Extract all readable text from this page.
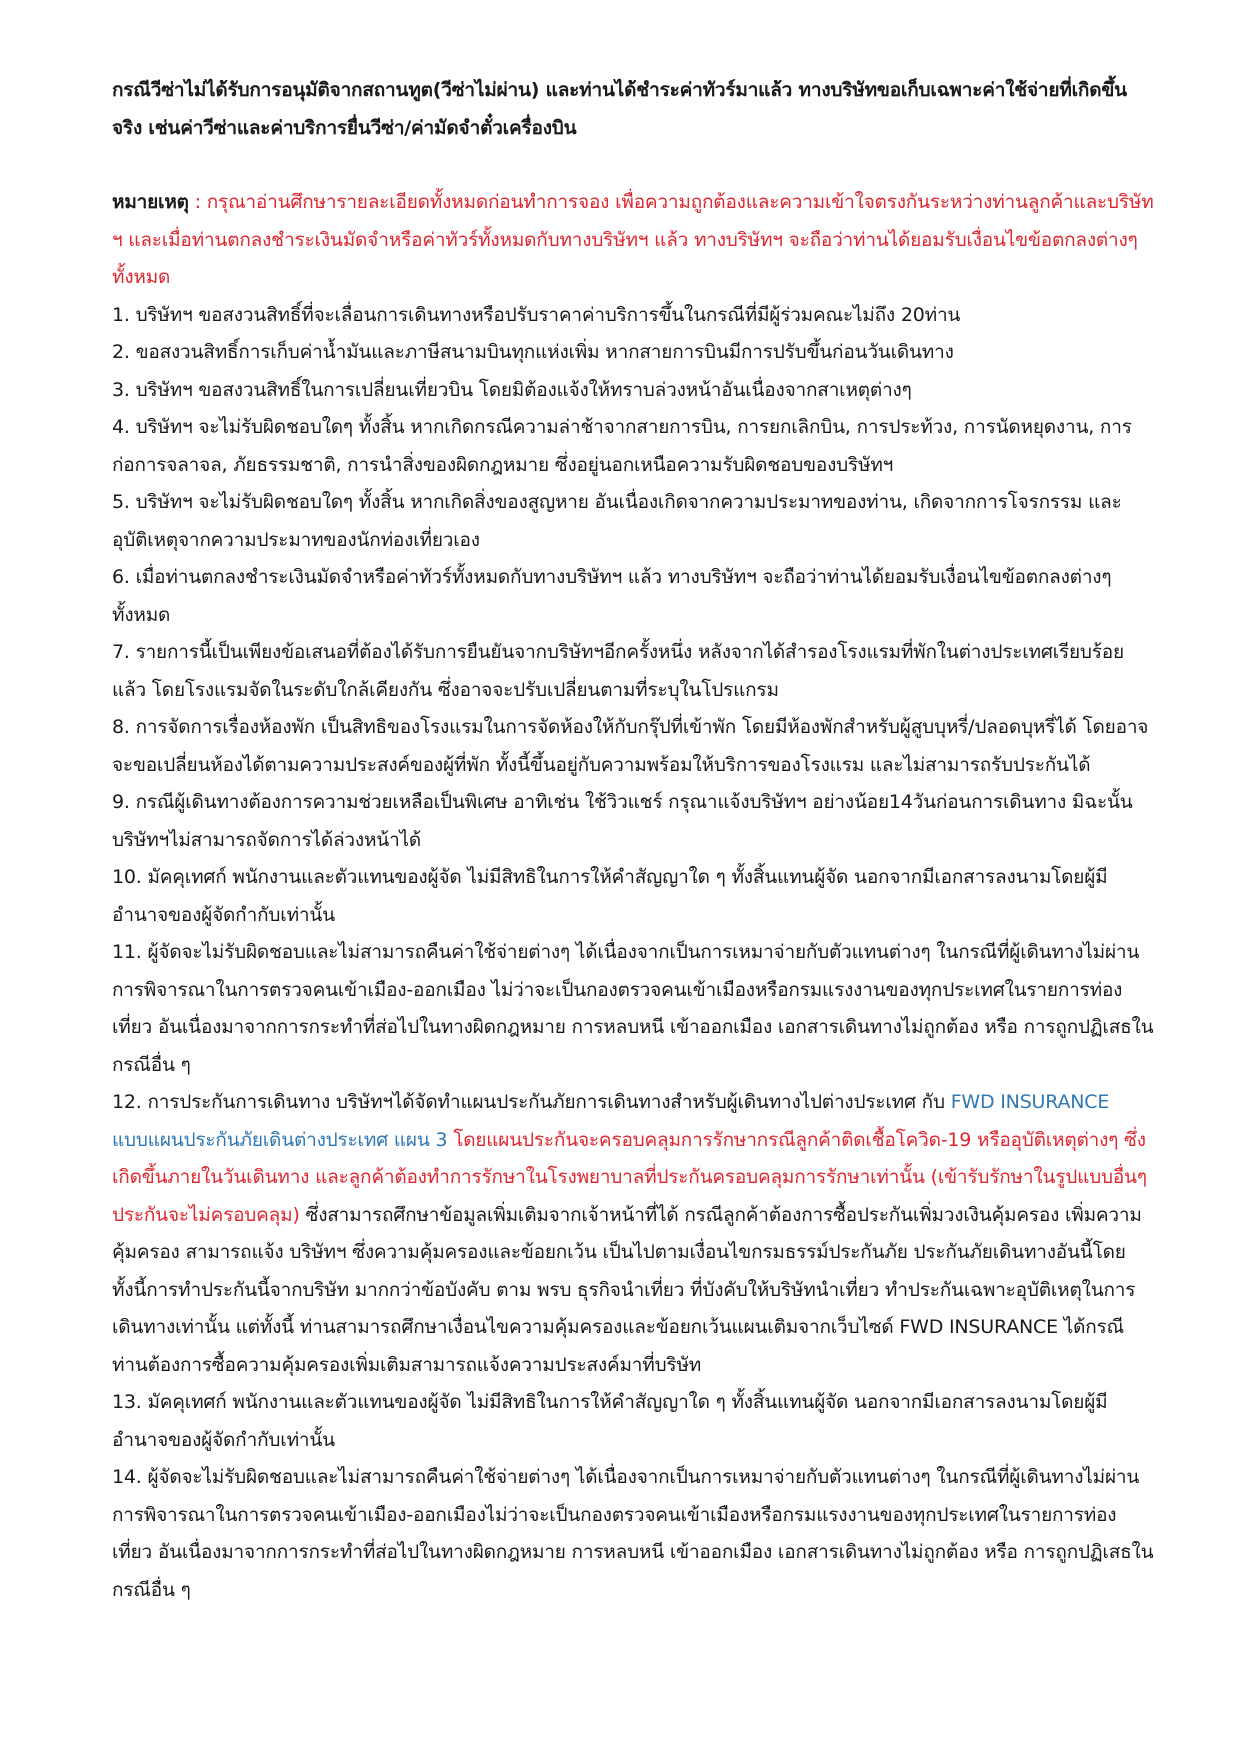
กรณีวีซ่าไม่ได้รับการอนุมัติจากสถานทูต(วีซ่าไม่ผ่าน) และท่านได้ชำระค่าทัวร์มาแล้ว ทางบริษัทขอเก็บเฉพาะค่าใช้จ่ายที่เกิดขึ้นจริง เช่นค่าวีซ่าและค่าบริการยื่นวีซ่า/ค่ามัดจำตั๋วเครื่องบิน

หมายเหตุ : กรุณาอ่านศึกษารายละเอียดทั้งหมดก่อนทำการจอง เพื่อความถูกต้องและความเข้าใจตรงกันระหว่างท่านลูกค้าและบริษัท ฯ และเมื่อท่านตกลงชำระเงินมัดจำหรือค่าทัวร์ทั้งหมดกับทางบริษัทฯ แล้ว ทางบริษัทฯ จะถือว่าท่านได้ยอมรับเงื่อนไขข้อตกลงต่างๆ ทั้งหมด

1. บริษัทฯ ขอสงวนสิทธิ์ที่จะเลื่อนการเดินทางหรือปรับราคาค่าบริการขึ้นในกรณีที่มีผู้ร่วมคณะไม่ถึง 20ท่าน

2. ขอสงวนสิทธิ์การเก็บค่าน้ำมันและภาษีสนามบินทุกแห่งเพิ่ม หากสายการบินมีการปรับขึ้นก่อนวันเดินทาง

3. บริษัทฯ ขอสงวนสิทธิ์ในการเปลี่ยนเที่ยวบิน โดยมิต้องแจ้งให้ทราบล่วงหน้าอันเนื่องจากสาเหตุต่างๆ

4. บริษัทฯ จะไม่รับผิดชอบใดๆ ทั้งสิ้น หากเกิดกรณีความล่าช้าจากสายการบิน, การยกเลิกบิน, การประท้วง, การนัดหยุดงาน, การก่อการจลาจล, ภัยธรรมชาติ, การนำสิ่งของผิดกฎหมาย ซึ่งอยู่นอกเหนือความรับผิดชอบของบริษัทฯ

5. บริษัทฯ จะไม่รับผิดชอบใดๆ ทั้งสิ้น หากเกิดสิ่งของสูญหาย อันเนื่องเกิดจากความประมาทของท่าน, เกิดจากการโจรกรรม และ อุบัติเหตุจากความประมาทของนักท่องเที่ยวเอง

6. เมื่อท่านตกลงชำระเงินมัดจำหรือค่าทัวร์ทั้งหมดกับทางบริษัทฯ แล้ว ทางบริษัทฯ จะถือว่าท่านได้ยอมรับเงื่อนไขข้อตกลงต่างๆ ทั้งหมด

7. รายการนี้เป็นเพียงข้อเสนอที่ต้องได้รับการยืนยันจากบริษัทฯอีกครั้งหนึ่ง หลังจากได้สำรองโรงแรมที่พักในต่างประเทศเรียบร้อยแล้ว โดยโรงแรมจัดในระดับใกล้เคียงกัน ซึ่งอาจจะปรับเปลี่ยนตามที่ระบุในโปรแกรม

8. การจัดการเรื่องห้องพัก เป็นสิทธิของโรงแรมในการจัดห้องให้กับกรุ๊ปที่เข้าพัก โดยมีห้องพักสำหรับผู้สูบบุหรี่/ปลอดบุหรี่ได้ โดยอาจจะขอเปลี่ยนห้องได้ตามความประสงค์ของผู้ที่พัก ทั้งนี้ขึ้นอยู่กับความพร้อมให้บริการของโรงแรม และไม่สามารถรับประกันได้

9. กรณีผู้เดินทางต้องการความช่วยเหลือเป็นพิเศษ อาทิเช่น ใช้วิวแชร์ กรุณาแจ้งบริษัทฯ อย่างน้อย14วันก่อนการเดินทาง มิฉะนั้น บริษัทฯไม่สามารถจัดการได้ล่วงหน้าได้

10. มัคคุเทศก์ พนักงานและตัวแทนของผู้จัด ไม่มีสิทธิในการให้คำสัญญาใด ๆ ทั้งสิ้นแทนผู้จัด นอกจากมีเอกสารลงนามโดยผู้มีอำนาจของผู้จัดกำกับเท่านั้น

11. ผู้จัดจะไม่รับผิดชอบและไม่สามารถคืนค่าใช้จ่ายต่างๆ ได้เนื่องจากเป็นการเหมาจ่ายกับตัวแทนต่างๆ ในกรณีที่ผู้เดินทางไม่ผ่านการพิจารณาในการตรวจคนเข้าเมือง-ออกเมือง ไม่ว่าจะเป็นกองตรวจคนเข้าเมืองหรือกรมแรงงานของทุกประเทศในรายการท่องเที่ยว อันเนื่องมาจากการกระทำที่ส่อไปในทางผิดกฎหมาย การหลบหนี เข้าออกเมือง เอกสารเดินทางไม่ถูกต้อง หรือ การถูกปฏิเสธในกรณีอื่น ๆ

12. การประกันการเดินทาง บริษัทฯได้จัดทำแผนประกันภัยการเดินทางสำหรับผู้เดินทางไปต่างประเทศ กับ FWD INSURANCE แบบแผนประกันภัยเดินต่างประเทศ แผน 3 โดยแผนประกันจะครอบคลุมการรักษากรณีลูกค้าติดเชื้อโควิด-19 หรืออุบัติเหตุต่างๆ ซึ่งเกิดขึ้นภายในวันเดินทาง และลูกค้าต้องทำการรักษาในโรงพยาบาลที่ประกันครอบคลุมการรักษาเท่านั้น (เข้ารับรักษาในรูปแบบอื่นๆประกันจะไม่ครอบคลุม) ซึ่งสามารถศึกษาข้อมูลเพิ่มเติมจากเจ้าหน้าที่ได้ กรณีลูกค้าต้องการซื้อประกันเพิ่มวงเงินคุ้มครอง เพิ่มความคุ้มครอง สามารถแจ้ง บริษัทฯ ซึ่งความคุ้มครองและข้อยกเว้น เป็นไปตามเงื่อนไขกรมธรรม์ประกันภัย ประกันภัยเดินทางอันนี้โดยทั้งนี้การทำประกันนี้จากบริษัท มากกว่าข้อบังคับ ตาม พรบ ธุรกิจนำเที่ยว ที่บังคับให้บริษัทนำเที่ยว ทำประกันเฉพาะอุบัติเหตุในการเดินทางเท่านั้น แต่ทั้งนี้ ท่านสามารถศึกษาเงื่อนไขความคุ้มครองและข้อยกเว้นแผนเติมจากเว็บไซด์ FWD INSURANCE ได้กรณีท่านต้องการซื้อความคุ้มครองเพิ่มเติมสามารถแจ้งความประสงค์มาที่บริษัท

13. มัคคุเทศก์ พนักงานและตัวแทนของผู้จัด ไม่มีสิทธิในการให้คำสัญญาใด ๆ ทั้งสิ้นแทนผู้จัด นอกจากมีเอกสารลงนามโดยผู้มีอำนาจของผู้จัดกำกับเท่านั้น

14. ผู้จัดจะไม่รับผิดชอบและไม่สามารถคืนค่าใช้จ่ายต่างๆ ได้เนื่องจากเป็นการเหมาจ่ายกับตัวแทนต่างๆ ในกรณีที่ผู้เดินทางไม่ผ่านการพิจารณาในการตรวจคนเข้าเมือง-ออกเมืองไม่ว่าจะเป็นกองตรวจคนเข้าเมืองหรือกรมแรงงานของทุกประเทศในรายการท่องเที่ยว อันเนื่องมาจากการกระทำที่ส่อไปในทางผิดกฎหมาย การหลบหนี เข้าออกเมือง เอกสารเดินทางไม่ถูกต้อง หรือ การถูกปฏิเสธในกรณีอื่น ๆ
